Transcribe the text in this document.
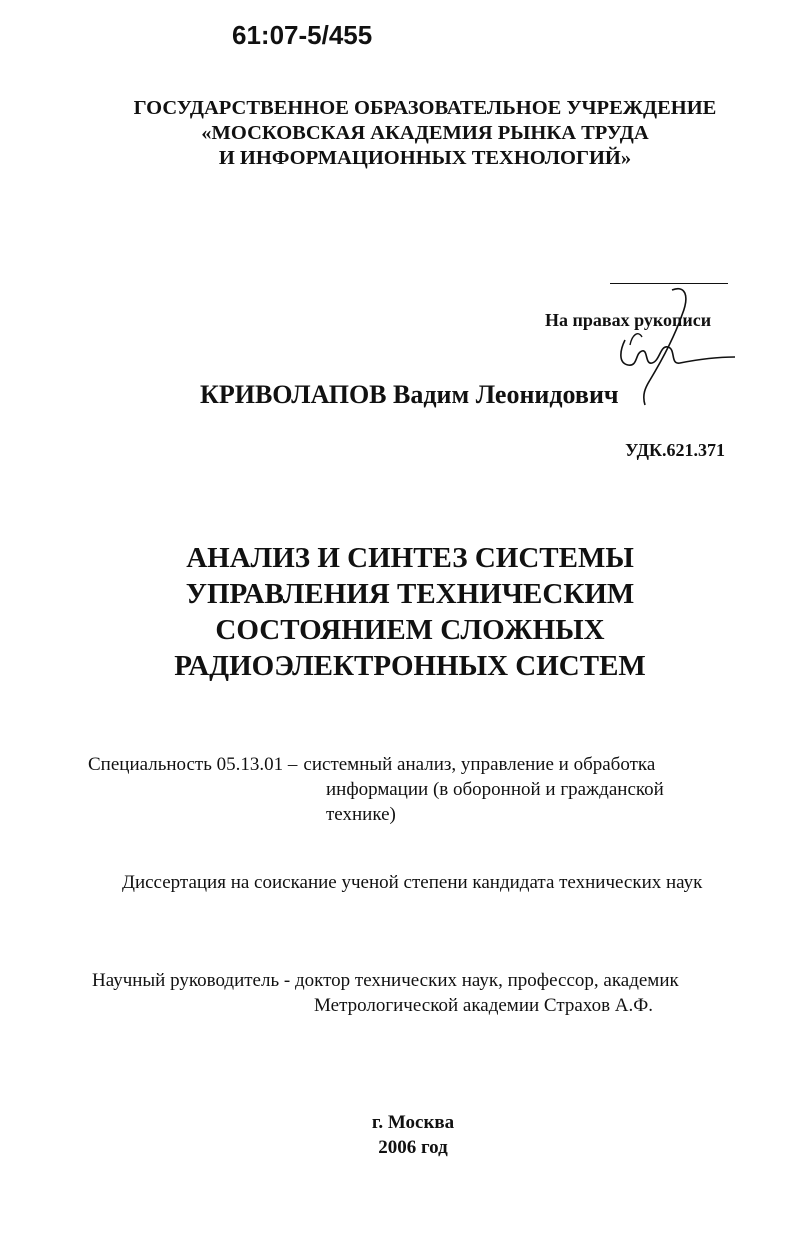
61:07-5/455
ГОСУДАРСТВЕННОЕ ОБРАЗОВАТЕЛЬНОЕ УЧРЕЖДЕНИЕ
«МОСКОВСКАЯ АКАДЕМИЯ РЫНКА ТРУДА
И ИНФОРМАЦИОННЫХ ТЕХНОЛОГИЙ»
На правах рукописи
КРИВОЛАПОВ Вадим Леонидович
УДК.621.371
АНАЛИЗ И СИНТЕЗ СИСТЕМЫ
УПРАВЛЕНИЯ ТЕХНИЧЕСКИМ
СОСТОЯНИЕМ СЛОЖНЫХ
РАДИОЭЛЕКТРОННЫХ СИСТЕМ
Специальность 05.13.01 – системный анализ, управление и обработка
информации (в оборонной и гражданской
технике)
Диссертация на соискание ученой степени кандидата технических наук
Научный руководитель - доктор технических наук, профессор, академик
Метрологической академии Страхов А.Ф.
г. Москва
2006 год
